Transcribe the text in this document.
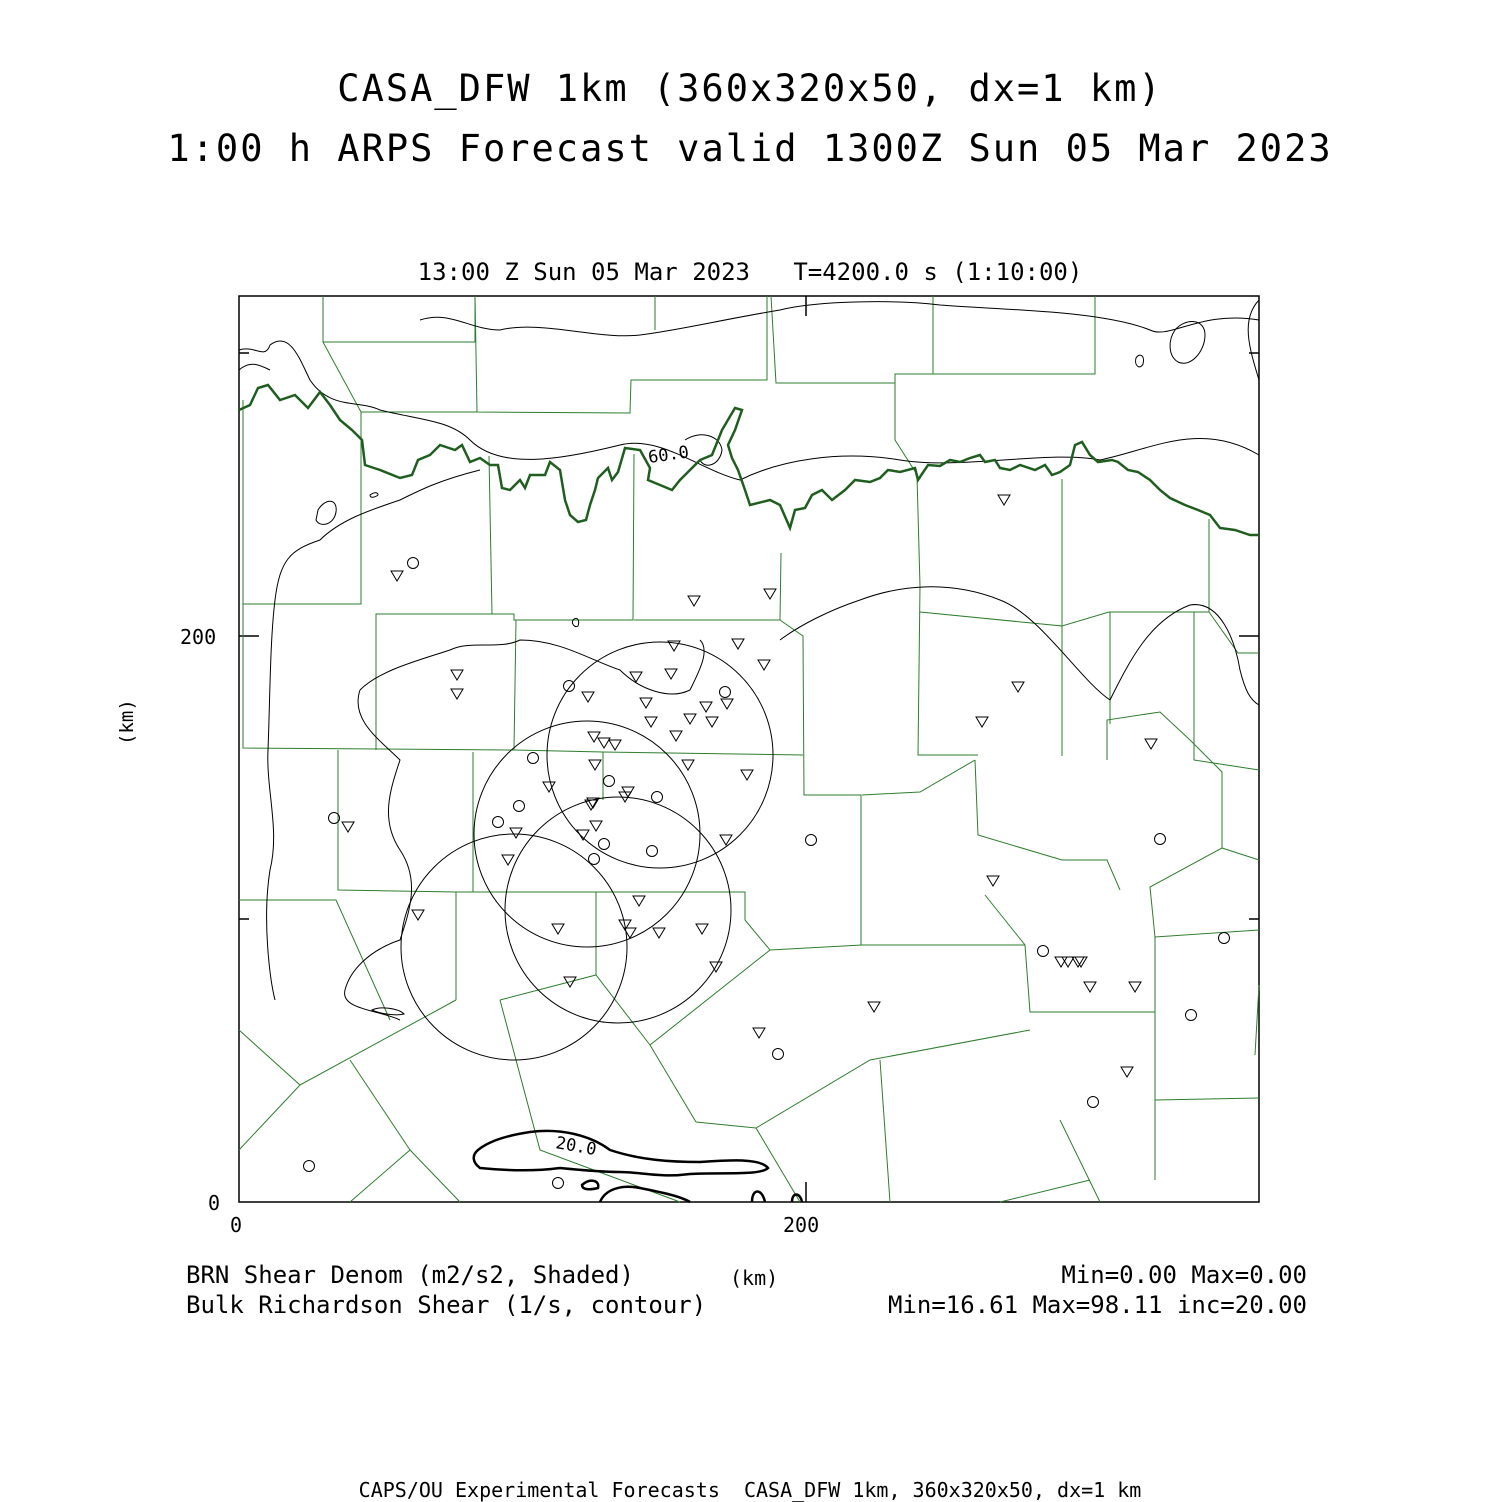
CASA_DFW 1km (360x320x50, dx=1 km)
1:00 h ARPS Forecast valid 1300Z Sun 05 Mar 2023
13:00 Z Sun 05 Mar 2023   T=4200.0 s (1:10:00)
(km)
200
0
0	200
(km)
BRN Shear Denom (m2/s2, Shaded)
Bulk Richardson Shear (1/s, contour)
Min=0.00 Max=0.00
Min=16.61 Max=98.11 inc=20.00
CAPS/OU Experimental Forecasts  CASA_DFW 1km, 360x320x50, dx=1 km
60.0
20.0
